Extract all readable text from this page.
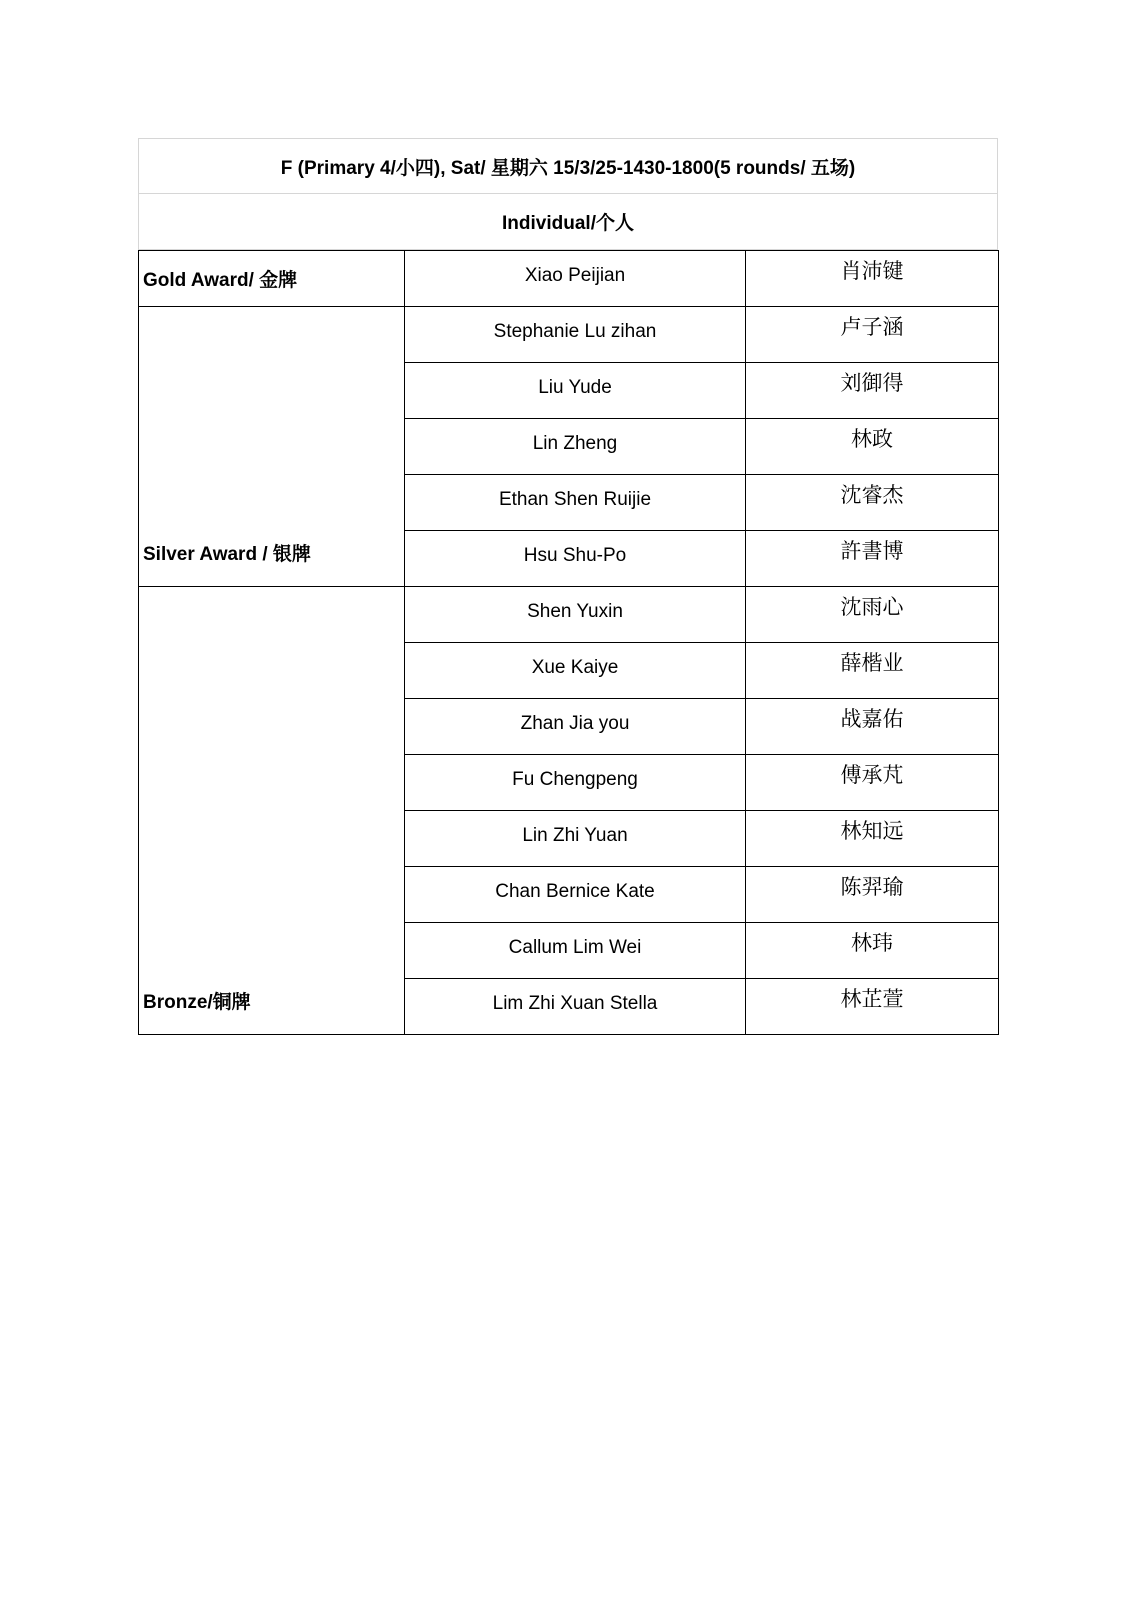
F (Primary 4/小四), Sat/ 星期六 15/3/25-1430-1800(5 rounds/ 五场)
Individual/个人
Gold Award/ 金牌	Xiao Peijian	肖沛键
Silver Award / 银牌	Stephanie Lu zihan	卢子涵
	Liu Yude	刘御得
	Lin Zheng	林政
	Ethan Shen Ruijie	沈睿杰
	Hsu Shu-Po	許書博
Bronze/铜牌	Shen Yuxin	沈雨心
	Xue Kaiye	薛楷业
	Zhan Jia you	战嘉佑
	Fu Chengpeng	傅承芃
	Lin Zhi Yuan	林知远
	Chan Bernice Kate	陈羿瑜
	Callum Lim Wei	林玮
	Lim Zhi Xuan Stella	林芷萱
